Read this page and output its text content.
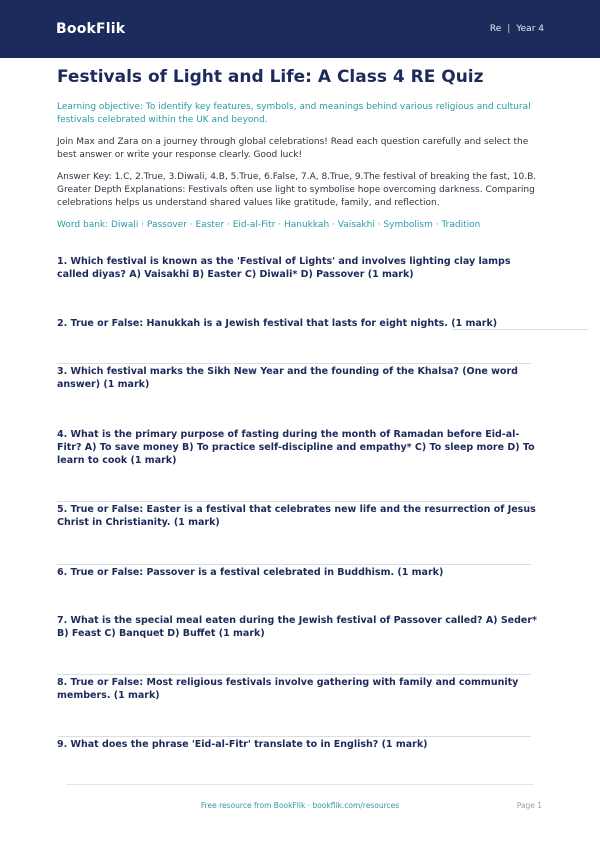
BookFlik	Re | Year 4
Festivals of Light and Life: A Class 4 RE Quiz
Learning objective: To identify key features, symbols, and meanings behind various religious and cultural festivals celebrated within the UK and beyond.
Join Max and Zara on a journey through global celebrations! Read each question carefully and select the best answer or write your response clearly. Good luck!
Answer Key: 1.C, 2.True, 3.Diwali, 4.B, 5.True, 6.False, 7.A, 8.True, 9.The festival of breaking the fast, 10.B. Greater Depth Explanations: Festivals often use light to symbolise hope overcoming darkness. Comparing celebrations helps us understand shared values like gratitude, family, and reflection.
Word bank: Diwali · Passover · Easter · Eid-al-Fitr · Hanukkah · Vaisakhi · Symbolism · Tradition
1. Which festival is known as the 'Festival of Lights' and involves lighting clay lamps called diyas? A) Vaisakhi B) Easter C) Diwali* D) Passover (1 mark)
2. True or False: Hanukkah is a Jewish festival that lasts for eight nights. (1 mark)
3. Which festival marks the Sikh New Year and the founding of the Khalsa? (One word answer) (1 mark)
4. What is the primary purpose of fasting during the month of Ramadan before Eid-al-Fitr? A) To save money B) To practice self-discipline and empathy* C) To sleep more D) To learn to cook (1 mark)
5. True or False: Easter is a festival that celebrates new life and the resurrection of Jesus Christ in Christianity. (1 mark)
6. True or False: Passover is a festival celebrated in Buddhism. (1 mark)
7. What is the special meal eaten during the Jewish festival of Passover called? A) Seder* B) Feast C) Banquet D) Buffet (1 mark)
8. True or False: Most religious festivals involve gathering with family and community members. (1 mark)
9. What does the phrase 'Eid-al-Fitr' translate to in English? (1 mark)
Free resource from BookFlik · bookflik.com/resources	Page 1
